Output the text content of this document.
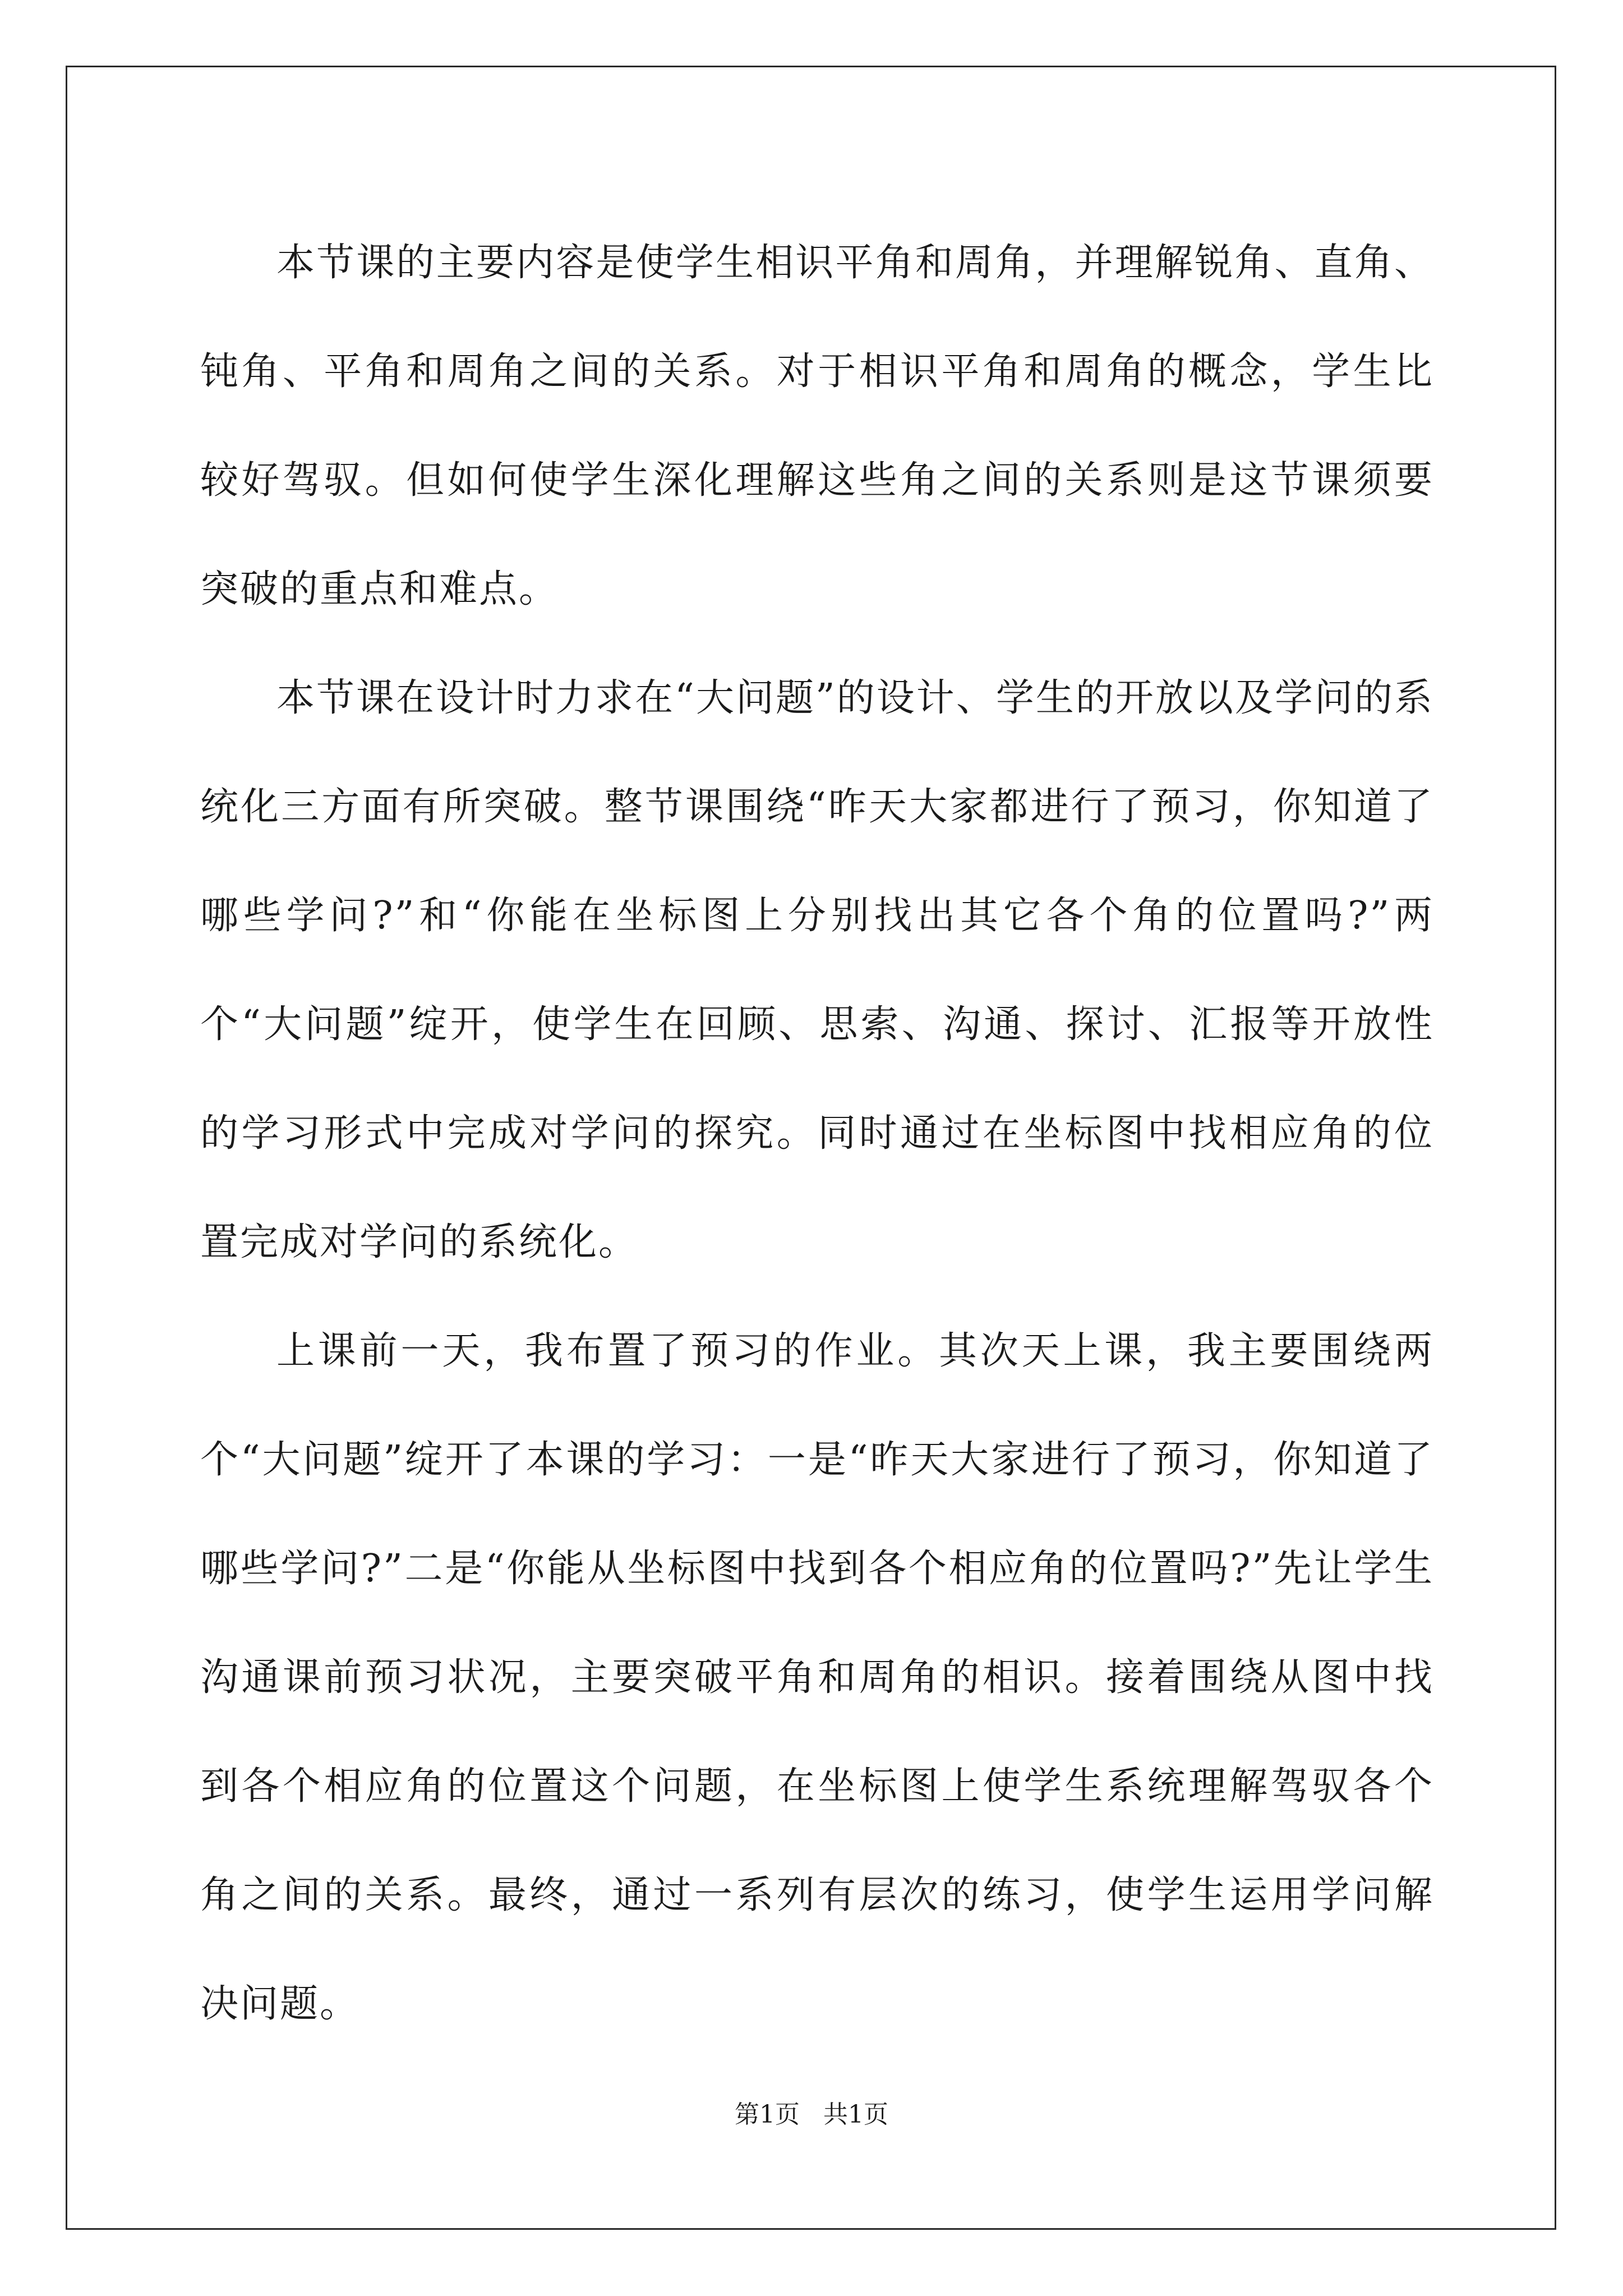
本节课的主要内容是使学生相识平角和周角，并理解锐角、直角、钝角、平角和周角之间的关系。对于相识平角和周角的概念，学生比较好驾驭。但如何使学生深化理解这些角之间的关系则是这节课须要突破的重点和难点。

本节课在设计时力求在“大问题”的设计、学生的开放以及学问的系统化三方面有所突破。整节课围绕“昨天大家都进行了预习，你知道了哪些学问?”和“你能在坐标图上分别找出其它各个角的位置吗?”两个“大问题”绽开，使学生在回顾、思索、沟通、探讨、汇报等开放性的学习形式中完成对学问的探究。同时通过在坐标图中找相应角的位置完成对学问的系统化。

上课前一天，我布置了预习的作业。其次天上课，我主要围绕两个“大问题”绽开了本课的学习：一是“昨天大家进行了预习，你知道了哪些学问?”二是“你能从坐标图中找到各个相应角的位置吗?”先让学生沟通课前预习状况，主要突破平角和周角的相识。接着围绕从图中找到各个相应角的位置这个问题，在坐标图上使学生系统理解驾驭各个角之间的关系。最终，通过一系列有层次的练习，使学生运用学问解决问题。

第1页 共1页
